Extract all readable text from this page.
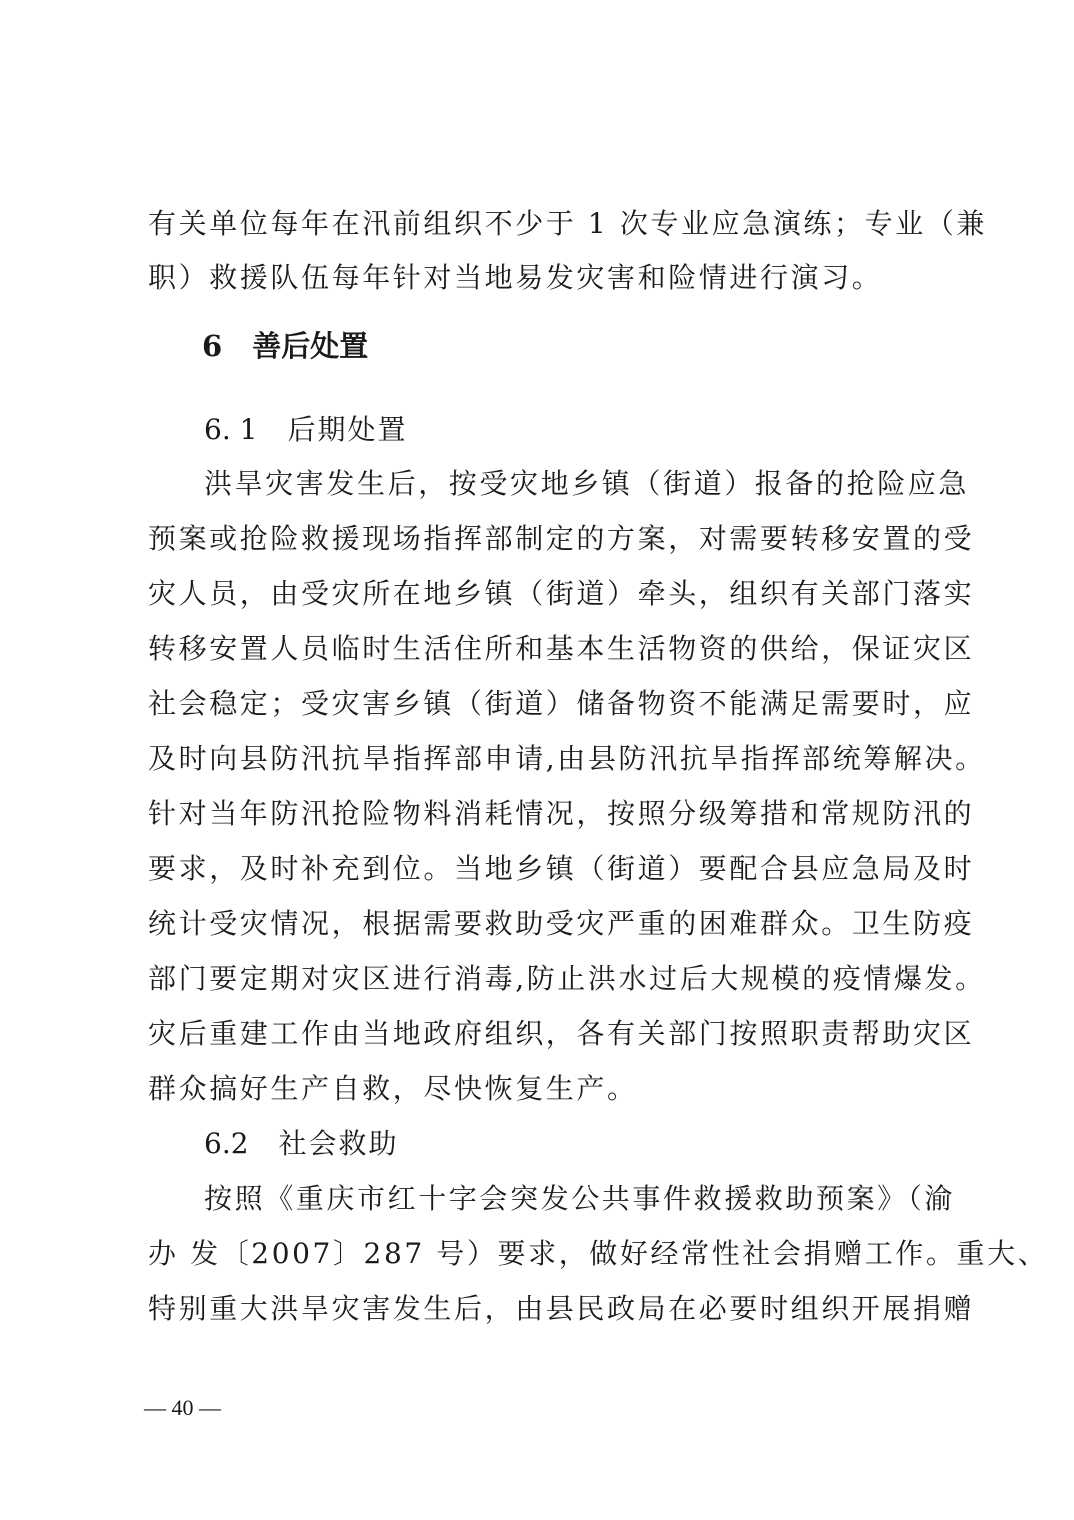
有关单位每年在汛前组织不少于 1 次专业应急演练；专业（兼
职）救援队伍每年针对当地易发灾害和险情进行演习。
6 善后处置
6. 1 后期处置
洪旱灾害发生后，按受灾地乡镇（街道）报备的抢险应急
预案或抢险救援现场指挥部制定的方案，对需要转移安置的受
灾人员，由受灾所在地乡镇（街道）牵头，组织有关部门落实
转移安置人员临时生活住所和基本生活物资的供给，保证灾区
社会稳定；受灾害乡镇（街道）储备物资不能满足需要时，应
及时向县防汛抗旱指挥部申请,由县防汛抗旱指挥部统筹解决。
针对当年防汛抢险物料消耗情况，按照分级筹措和常规防汛的
要求，及时补充到位。当地乡镇（街道）要配合县应急局及时
统计受灾情况，根据需要救助受灾严重的困难群众。卫生防疫
部门要定期对灾区进行消毒,防止洪水过后大规模的疫情爆发。
灾后重建工作由当地政府组织，各有关部门按照职责帮助灾区
群众搞好生产自救，尽快恢复生产。
6.2 社会救助
按照《重庆市红十字会突发公共事件救援救助预案》（渝
办 发〔2007〕287 号）要求，做好经常性社会捐赠工作。重大、
特别重大洪旱灾害发生后，由县民政局在必要时组织开展捐赠
— 40 —
